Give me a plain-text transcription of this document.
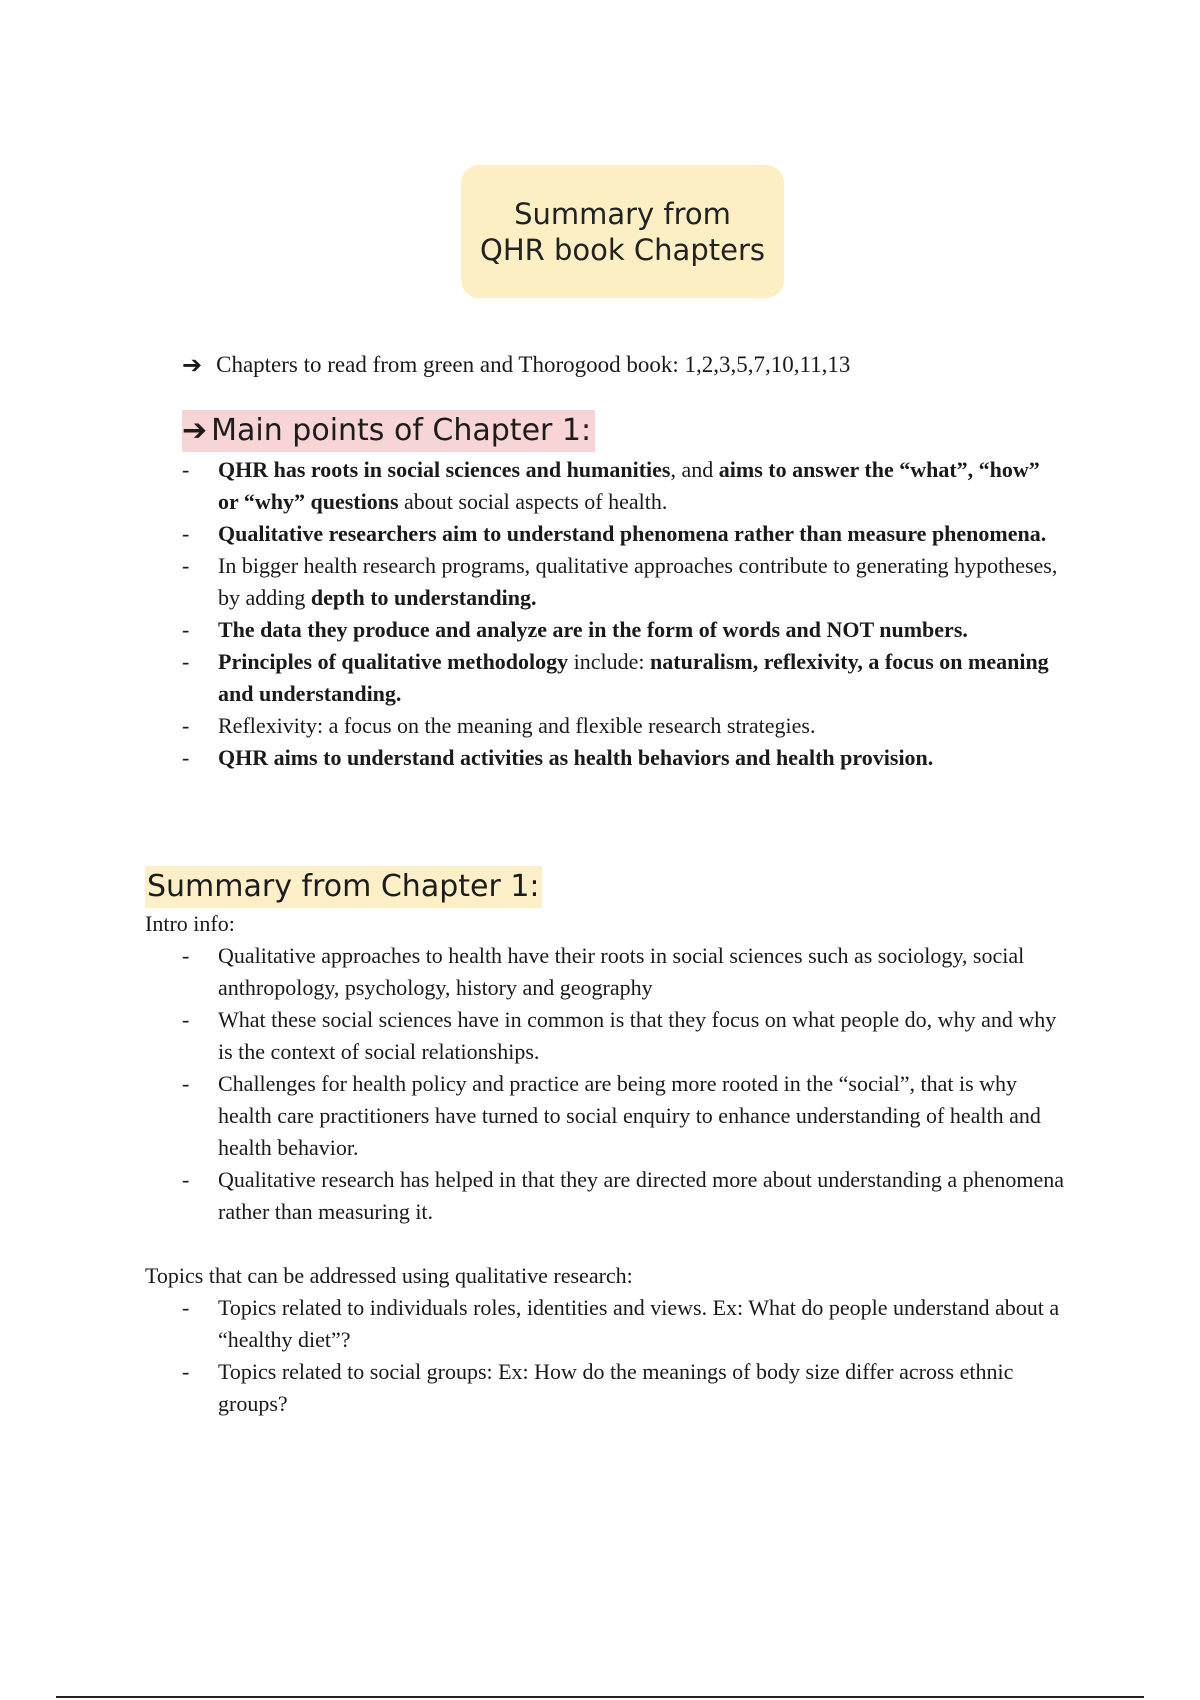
Summary from
QHR book Chapters
➔ Chapters to read from green and Thorogood book: 1,2,3,5,7,10,11,13
➔ Main points of Chapter 1:
-	QHR has roots in social sciences and humanities, and aims to answer the “what”, “how” or “why” questions about social aspects of health.
-	Qualitative researchers aim to understand phenomena rather than measure phenomena.
-	In bigger health research programs, qualitative approaches contribute to generating hypotheses, by adding depth to understanding.
-	The data they produce and analyze are in the form of words and NOT numbers.
-	Principles of qualitative methodology include: naturalism, reflexivity, a focus on meaning and understanding.
-	Reflexivity: a focus on the meaning and flexible research strategies.
-	QHR aims to understand activities as health behaviors and health provision.
Summary from Chapter 1:
Intro info:
-	Qualitative approaches to health have their roots in social sciences such as sociology, social anthropology, psychology, history and geography
-	What these social sciences have in common is that they focus on what people do, why and why is the context of social relationships.
-	Challenges for health policy and practice are being more rooted in the “social”, that is why health care practitioners have turned to social enquiry to enhance understanding of health and health behavior.
-	Qualitative research has helped in that they are directed more about understanding a phenomena rather than measuring it.
Topics that can be addressed using qualitative research:
-	Topics related to individuals roles, identities and views. Ex: What do people understand about a “healthy diet”?
-	Topics related to social groups: Ex: How do the meanings of body size differ across ethnic groups?
